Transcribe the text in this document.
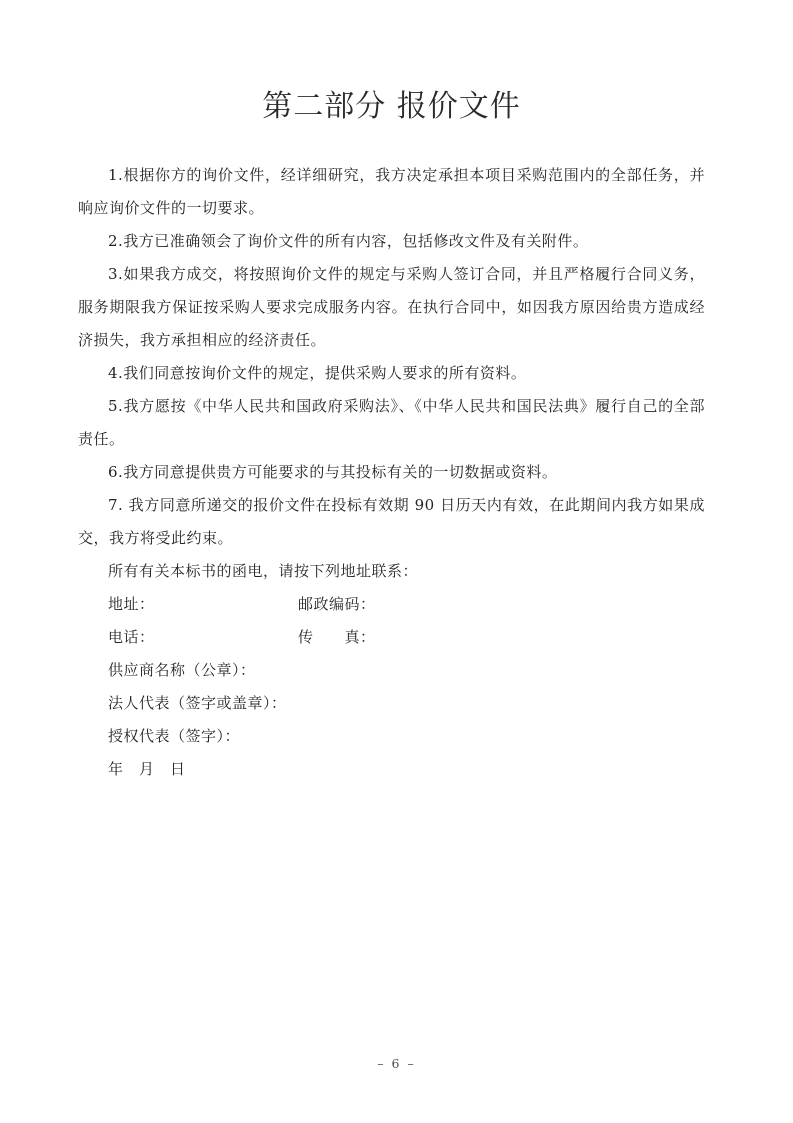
第二部分 报价文件

1.根据你方的询价文件，经详细研究，我方决定承担本项目采购范围内的全部任务，并响应询价文件的一切要求。

2.我方已准确领会了询价文件的所有内容，包括修改文件及有关附件。

3.如果我方成交，将按照询价文件的规定与采购人签订合同，并且严格履行合同义务，服务期限我方保证按采购人要求完成服务内容。在执行合同中，如因我方原因给贵方造成经济损失，我方承担相应的经济责任。

4.我们同意按询价文件的规定，提供采购人要求的所有资料。

5.我方愿按《中华人民共和国政府采购法》、《中华人民共和国民法典》履行自己的全部责任。

6.我方同意提供贵方可能要求的与其投标有关的一切数据或资料。

7. 我方同意所递交的报价文件在投标有效期 90 日历天内有效，在此期间内我方如果成交，我方将受此约束。

所有有关本标书的函电，请按下列地址联系：

地址：	邮政编码：
电话：	传　　真：

供应商名称（公章）：

法人代表（签字或盖章）：

授权代表（签字）：

年　月　日

– 6 –
